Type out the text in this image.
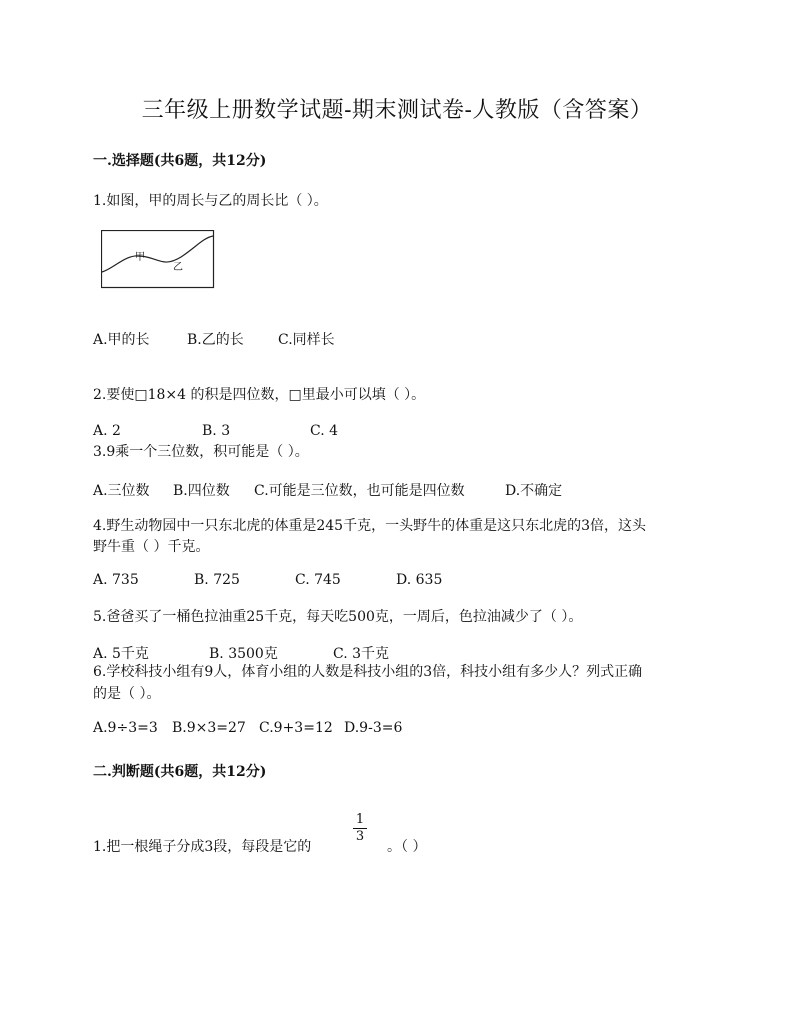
三年级上册数学试题-期末测试卷-人教版（含答案）
一.选择题(共6题，共12分)
1.如图，甲的周长与乙的周长比（ ）。
甲
乙
A.甲的长	B.乙的长 C.同样长
2.要使□18×4 的积是四位数，□里最小可以填（ ）。
A. 2	B. 3	C. 4
3.9乘一个三位数，积可能是（ ）。
A.三位数 B.四位数 C.可能是三位数，也可能是四位数	D.不确定
4.野生动物园中一只东北虎的体重是245千克，一头野牛的体重是这只东北虎的3倍，这头
野牛重（ ）千克。
A. 735	B. 725	C. 745	D. 635
5.爸爸买了一桶色拉油重25千克，每天吃500克，一周后，色拉油减少了（ ）。
A. 5千克	B. 3500克	C. 3千克
6.学校科技小组有9人，体育小组的人数是科技小组的3倍，科技小组有多少人？列式正确
的是（ ）。
A.9÷3=3 B.9×3=27 C.9+3=12 D.9-3=6
二.判断题(共6题，共12分)
1.把一根绳子分成3段，每段是它的
1
3
。（ ）
